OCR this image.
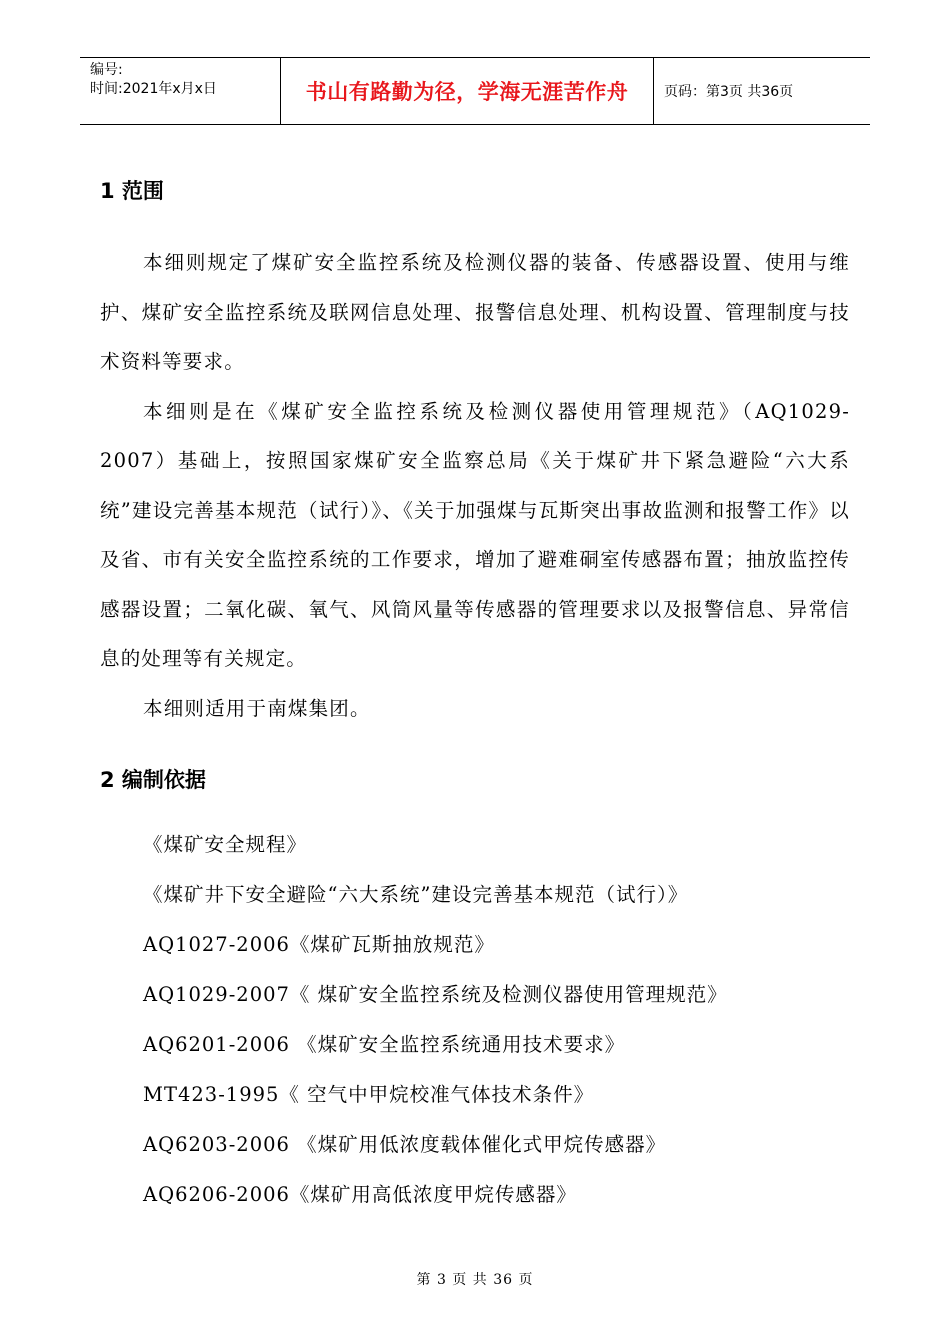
编号:
时间:2021年x月x日	书山有路勤为径，学海无涯苦作舟	页码：第3页 共36页
1 范围

本细则规定了煤矿安全监控系统及检测仪器的装备、传感器设置、使用与维护、煤矿安全监控系统及联网信息处理、报警信息处理、机构设置、管理制度与技术资料等要求。

本细则是在《煤矿安全监控系统及检测仪器使用管理规范》（AQ1029-2007）基础上，按照国家煤矿安全监察总局《关于煤矿井下紧急避险“六大系统”建设完善基本规范（试行）》、《关于加强煤与瓦斯突出事故监测和报警工作》以及省、市有关安全监控系统的工作要求，增加了避难硐室传感器布置；抽放监控传感器设置；二氧化碳、氧气、风筒风量等传感器的管理要求以及报警信息、异常信息的处理等有关规定。

本细则适用于南煤集团。

2 编制依据
《煤矿安全规程》
《煤矿井下安全避险“六大系统”建设完善基本规范（试行）》
AQ1027-2006《煤矿瓦斯抽放规范》
AQ1029-2007《 煤矿安全监控系统及检测仪器使用管理规范》
AQ6201-2006 《煤矿安全监控系统通用技术要求》
MT423-1995《 空气中甲烷校准气体技术条件》
AQ6203-2006 《煤矿用低浓度载体催化式甲烷传感器》
AQ6206-2006《煤矿用高低浓度甲烷传感器》
第 3 页 共 36 页
